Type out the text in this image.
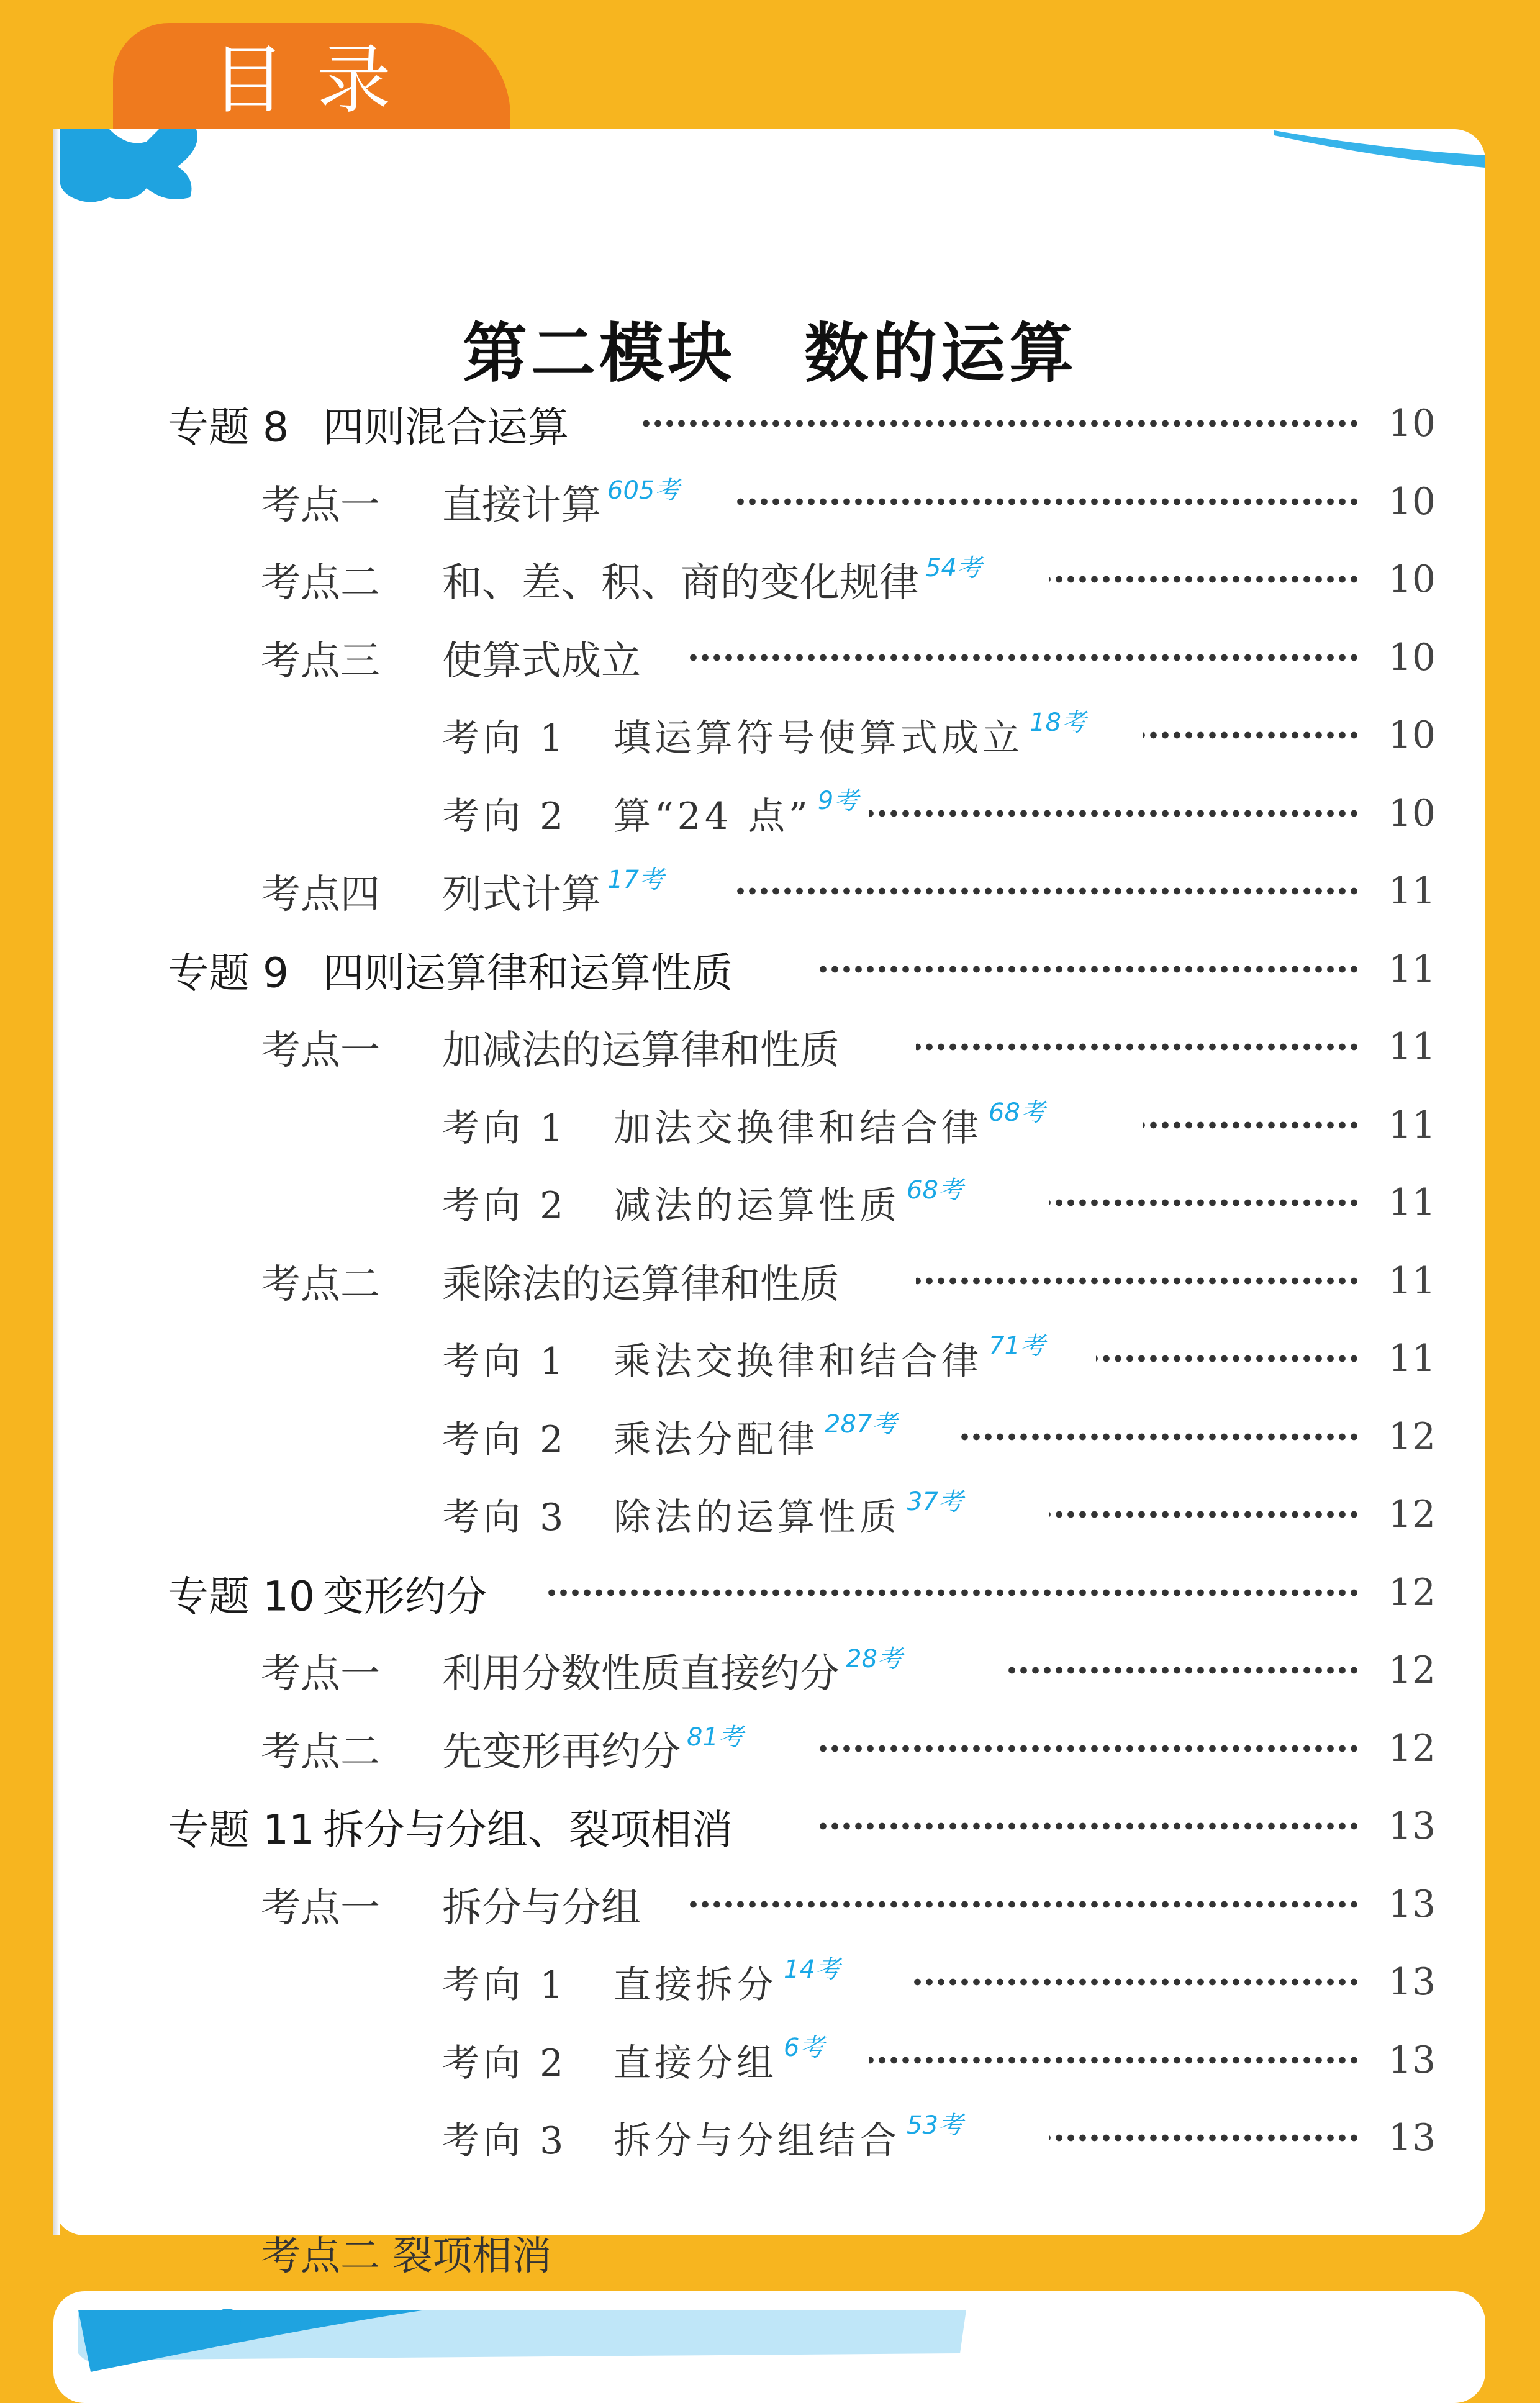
目录
第二模块 数的运算
专题 8 四则混合运算	10
考点一 直接计算 $^{605考}$	10
考点二 和、差、积、商的变化规律 $^{54考}$	10
考点三 使算式成立	10
考向 1 填运算符号使算式成立 $^{18考}$	10
考向 2 算“24 点” $^{9考}$	10
考点四 列式计算 $^{17考}$	11
专题 9 四则运算律和运算性质	11
考点一 加减法的运算律和性质	11
考向 1 加法交换律和结合律 $^{68考}$	11
考向 2 减法的运算性质 $^{68考}$	11
考点二 乘除法的运算律和性质	11
考向 1 乘法交换律和结合律 $^{71考}$	11
考向 2 乘法分配律 $^{287考}$	12
考向 3 除法的运算性质 $^{37考}$	12
专题 10 变形约分	12
考点一 利用分数性质直接约分 $^{28考}$	12
考点二 先变形再约分 $^{81考}$	12
专题 11 拆分与分组、裂项相消	13
考点一 拆分与分组	13
考向 1 直接拆分 $^{14考}$	13
考向 2 直接分组 $^{6考}$	13
考向 3 拆分与分组结合 $^{53考}$	13
考点二 裂项相消
